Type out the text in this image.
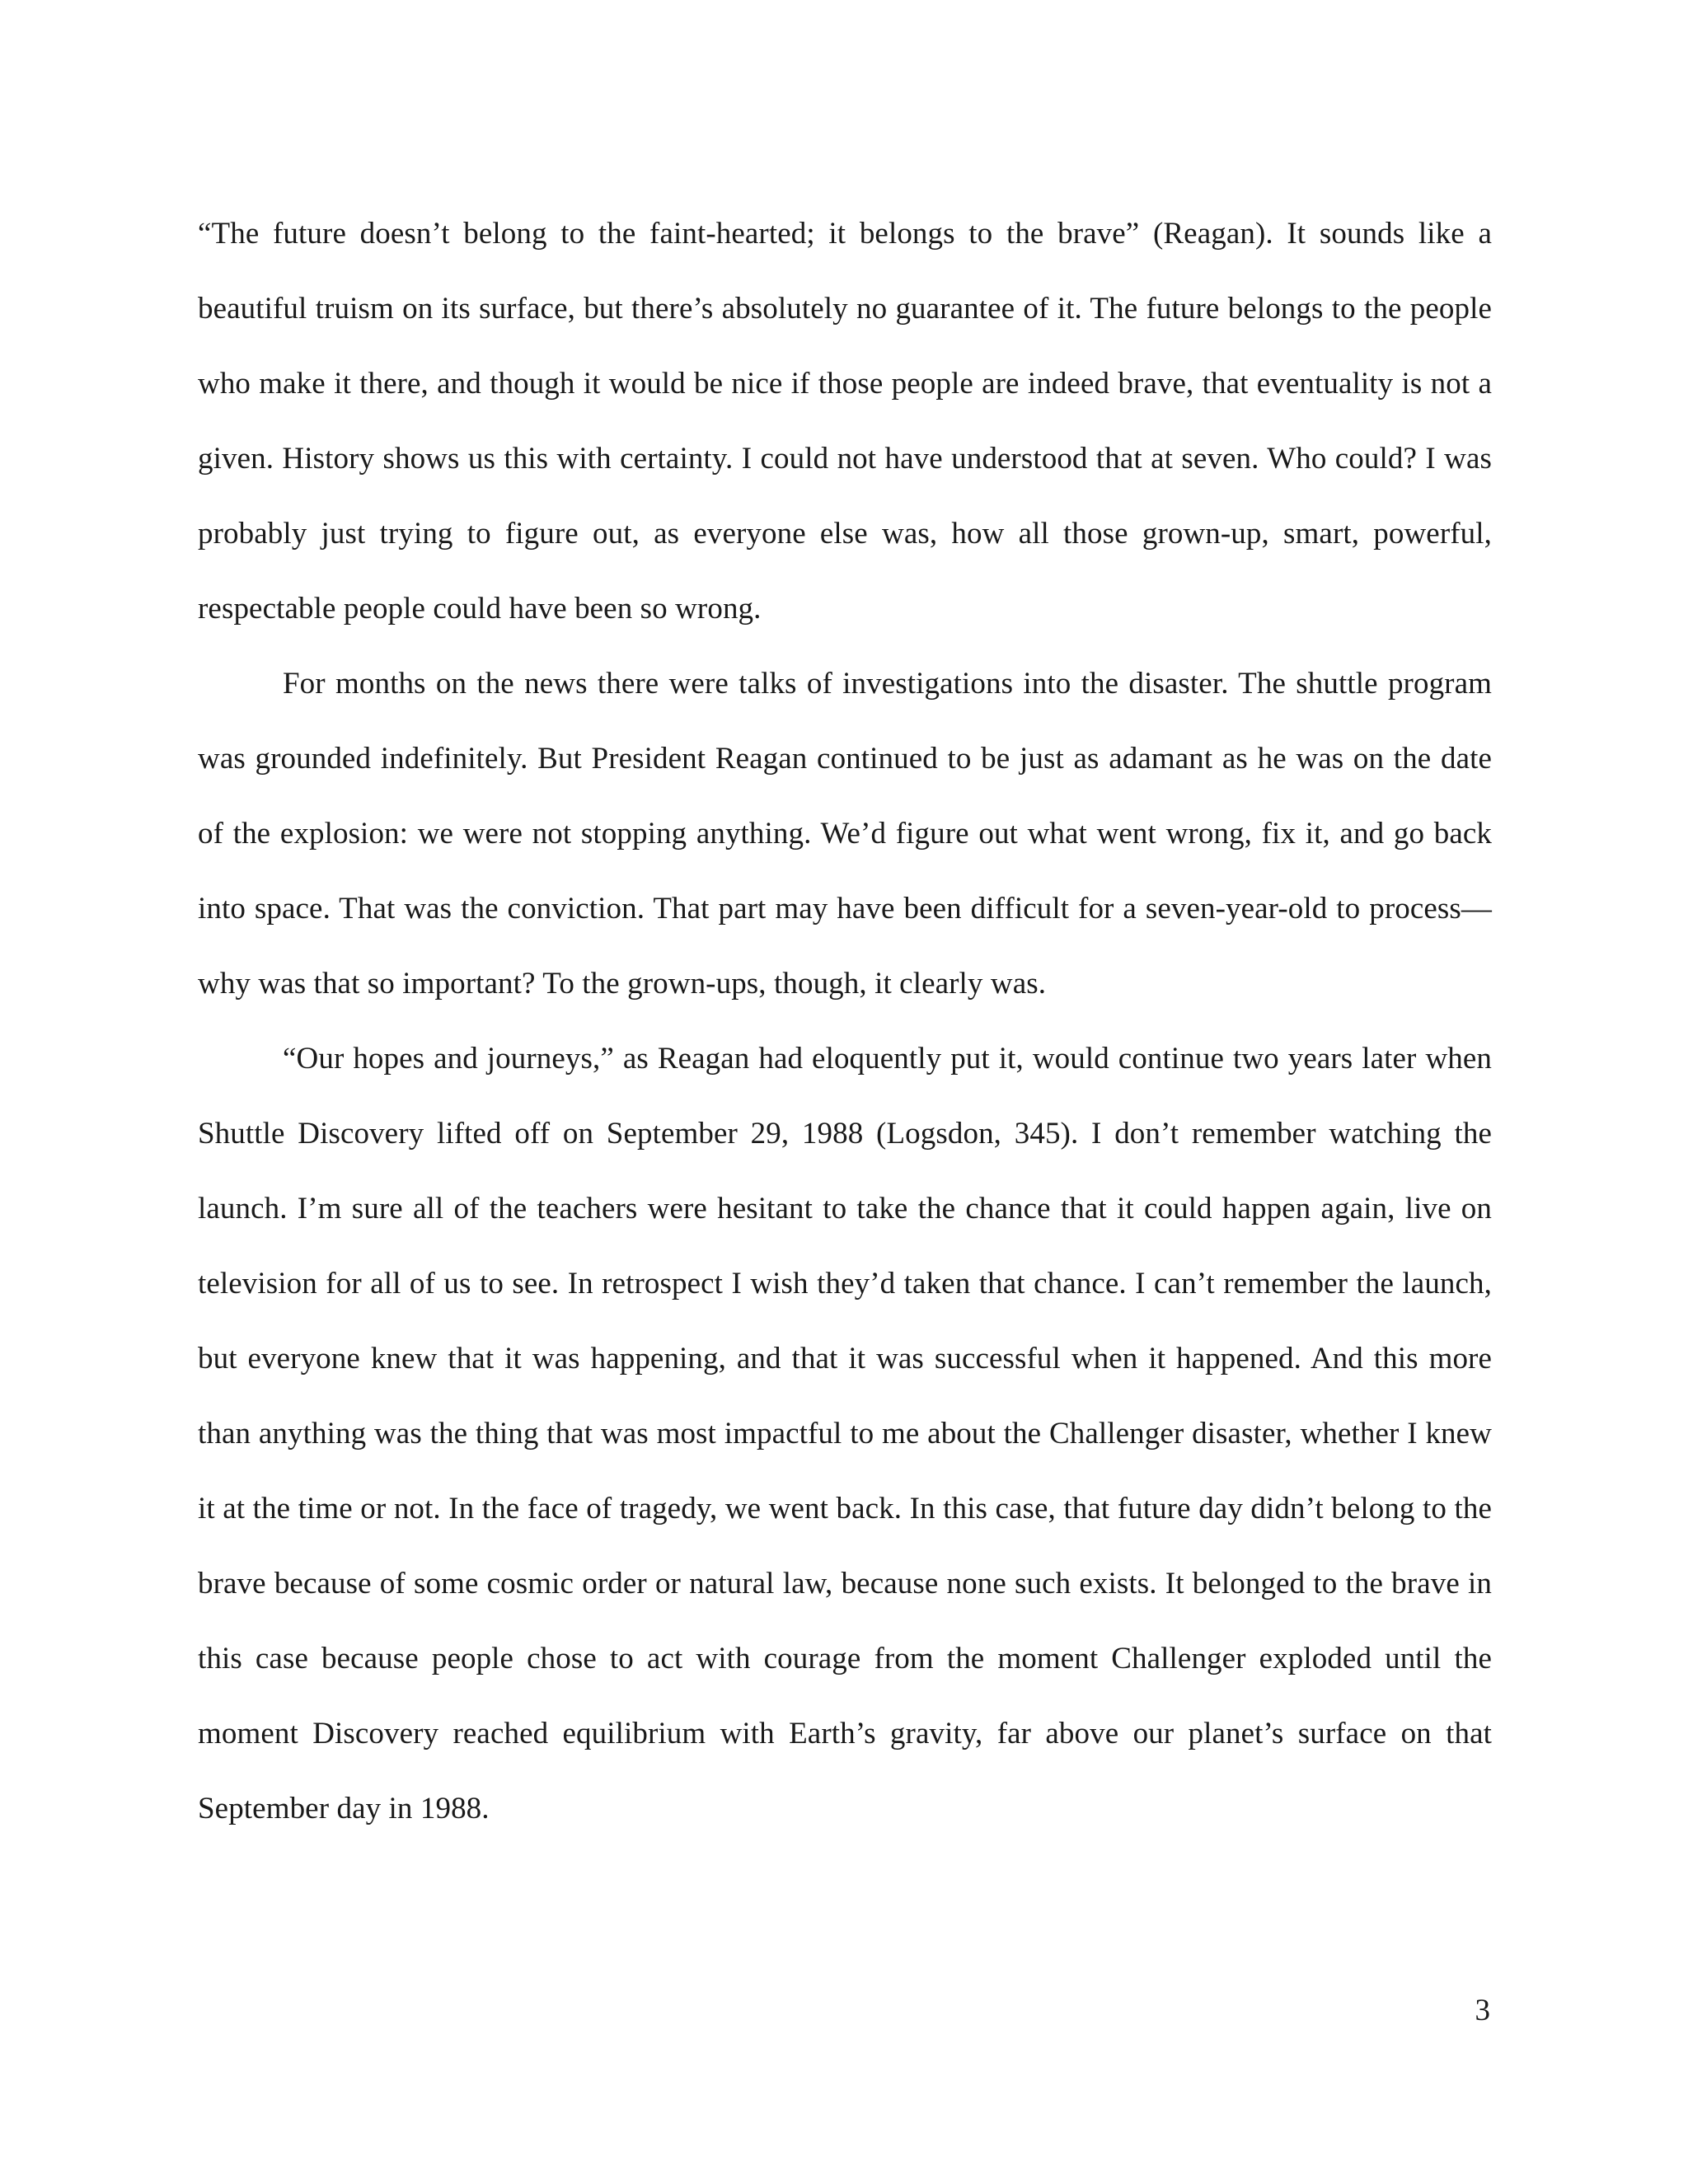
“The future doesn’t belong to the faint-hearted; it belongs to the brave” (Reagan). It sounds like a beautiful truism on its surface, but there’s absolutely no guarantee of it. The future belongs to the people who make it there, and though it would be nice if those people are indeed brave, that eventuality is not a given. History shows us this with certainty. I could not have understood that at seven. Who could? I was probably just trying to figure out, as everyone else was, how all those grown-up, smart, powerful, respectable people could have been so wrong.

For months on the news there were talks of investigations into the disaster. The shuttle program was grounded indefinitely. But President Reagan continued to be just as adamant as he was on the date of the explosion: we were not stopping anything. We’d figure out what went wrong, fix it, and go back into space. That was the conviction. That part may have been difficult for a seven-year-old to process—why was that so important? To the grown-ups, though, it clearly was.

“Our hopes and journeys,” as Reagan had eloquently put it, would continue two years later when Shuttle Discovery lifted off on September 29, 1988 (Logsdon, 345). I don’t remember watching the launch. I’m sure all of the teachers were hesitant to take the chance that it could happen again, live on television for all of us to see. In retrospect I wish they’d taken that chance. I can’t remember the launch, but everyone knew that it was happening, and that it was successful when it happened. And this more than anything was the thing that was most impactful to me about the Challenger disaster, whether I knew it at the time or not. In the face of tragedy, we went back. In this case, that future day didn’t belong to the brave because of some cosmic order or natural law, because none such exists. It belonged to the brave in this case because people chose to act with courage from the moment Challenger exploded until the moment Discovery reached equilibrium with Earth’s gravity, far above our planet’s surface on that September day in 1988.

3
